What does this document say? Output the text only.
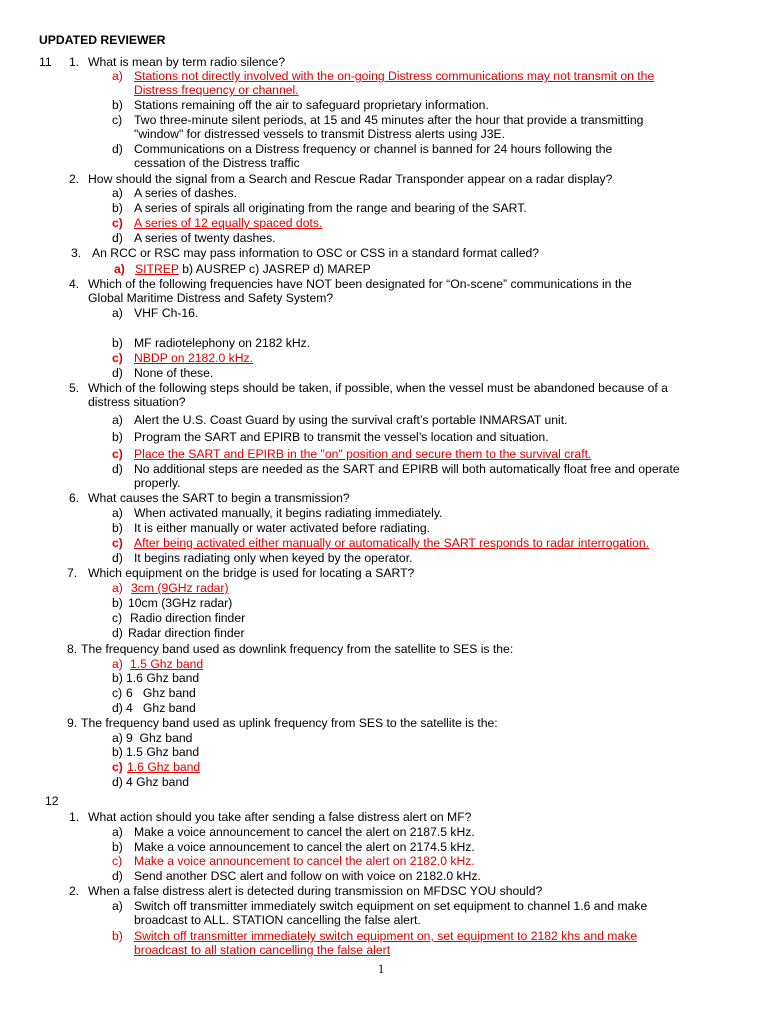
UPDATED REVIEWER
11 1. What is mean by term radio silence?
a) Stations not directly involved with the on-going Distress communications may not transmit on the
Distress frequency or channel.
b) Stations remaining off the air to safeguard proprietary information.
c) Two three-minute silent periods, at 15 and 45 minutes after the hour that provide a transmitting
"window" for distressed vessels to transmit Distress alerts using J3E.
d) Communications on a Distress frequency or channel is banned for 24 hours following the
cessation of the Distress traffic
2. How should the signal from a Search and Rescue Radar Transponder appear on a radar display?
a) A series of dashes.
b) A series of spirals all originating from the range and bearing of the SART.
c) A series of 12 equally spaced dots.
d) A series of twenty dashes.
3. An RCC or RSC may pass information to OSC or CSS in a standard format called?
a) SITREP b) AUSREP c) JASREP d) MAREP
4. Which of the following frequencies have NOT been designated for “On-scene” communications in the
Global Maritime Distress and Safety System?
a) VHF Ch-16.
b) MF radiotelephony on 2182 kHz.
c) NBDP on 2182.0 kHz.
d) None of these.
5. Which of the following steps should be taken, if possible, when the vessel must be abandoned because of a
distress situation?
a) Alert the U.S. Coast Guard by using the survival craft’s portable INMARSAT unit.
b) Program the SART and EPIRB to transmit the vessel’s location and situation.
c) Place the SART and EPIRB in the "on" position and secure them to the survival craft.
d) No additional steps are needed as the SART and EPIRB will both automatically float free and operate
properly.
6. What causes the SART to begin a transmission?
a) When activated manually, it begins radiating immediately.
b) It is either manually or water activated before radiating.
c) After being activated either manually or automatically the SART responds to radar interrogation.
d) It begins radiating only when keyed by the operator.
7. Which equipment on the bridge is used for locating a SART?
a) 3cm (9GHz radar)
b) 10cm (3GHz radar)
c) Radio direction finder
d) Radar direction finder
8. The frequency band used as downlink frequency from the satellite to SES is the:
a) 1.5 Ghz band
b) 1.6 Ghz band
c) 6   Ghz band
d) 4   Ghz band
9. The frequency band used as uplink frequency from SES to the satellite is the:
a) 9  Ghz band
b) 1.5 Ghz band
c) 1.6 Ghz band
d) 4 Ghz band
12
1. What action should you take after sending a false distress alert on MF?
a) Make a voice announcement to cancel the alert on 2187.5 kHz.
b) Make a voice announcement to cancel the alert on 2174.5 kHz.
c) Make a voice announcement to cancel the alert on 2182.0 kHz.
d) Send another DSC alert and follow on with voice on 2182.0 kHz.
2. When a false distress alert is detected during transmission on MFDSC YOU should?
a) Switch off transmitter immediately switch equipment on set equipment to channel 1.6 and make
broadcast to ALL. STATION cancelling the false alert.
b) Switch off transmitter immediately switch equipment on, set equipment to 2182 khs and make
broadcast to all station cancelling the false alert
1
